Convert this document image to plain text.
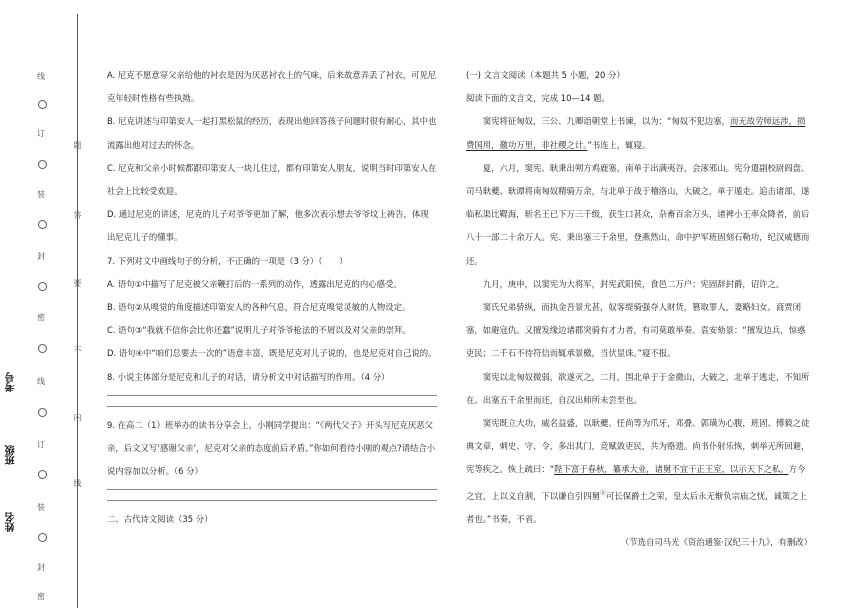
线
订
装
封
密
线
订
装
封
密
题
答
要
不
内
线
考号
班级
姓名

A. 尼克不愿意穿父亲给他的衬衣是因为厌恶衬衣上的气味，后来故意弄丢了衬衣，可见尼克年轻时性格有些执拗。

B. 尼克讲述与印第安人一起打黑松鼠的经历，表现出他回答孩子问题时很有耐心，其中也流露出他对过去的怀念。

C. 尼克和父亲小时候都跟印第安人一块儿住过，都有印第安人朋友，说明当时印第安人在社会上比较受欢迎。

D. 通过尼克的讲述，尼克的儿子对爷爷更加了解，他多次表示想去爷爷坟上祷告，体现出尼克儿子的懂事。

7. 下列对文中画线句子的分析，不正确的一项是（3 分）（　　）

A. 语句①中描写了尼克被父亲鞭打后的一系列的动作，透露出尼克的内心感受。

B. 语句②从嗅觉的角度描述印第安人的各种气息，符合尼克嗅觉灵敏的人物设定。

C. 语句③“我就不信你会比你还蠢”说明儿子对爷爷枪法的不屑以及对父亲的崇拜。

D. 语句④中“咱们总要去一次的”语意丰富，既是尼克对儿子说的，也是尼克对自己说的。

8. 小说主体部分是尼克和儿子的对话，请分析文中对话描写的作用。（4 分）

9. 在高二（1）班举办的读书分享会上，小刚同学提出：“《两代父子》开头写尼克厌恶父亲，后文又写‘感谢父亲’，尼克对父亲的态度前后矛盾。”你如何看待小刚的观点?请结合小说内容加以分析。（6 分）

二、古代诗文阅读（35 分）

(一) 文言文阅读（本题共 5 小题，20 分）

阅读下面的文言文，完成 10—14 题。

窦宪将征匈奴，三公、九卿诣朝堂上书谏，以为：“匈奴不犯边塞，而无故劳师远涉，损费国用，徼功万里，非社稷之计。”书连上，辄寝。

夏，六月，窦宪、耿秉出朔方鸡鹿塞，南单于出满夷谷，会涿邪山。宪分遣副校尉阎盘、司马耿夔、耿谭将南匈奴精骑万余，与北单于战于稽洛山，大破之，单于遁走。追击诸部，遂临私渠比鞮海，斩名王已下万三千级，获生口甚众，杂畜百余万头，诸裨小王率众降者，前后八十一部二十余万人。宪、秉出塞三千余里，登燕然山，命中护军班固刻石勒功，纪汉威德而还。

九月，庚申，以窦宪为大将军，封宪武阳侯，食邑二万户；宪固辞封爵，诏许之。

窦氏兄弟骄纵，而执金吾景尤甚，奴客缇骑强夺人财货，篡取罪人，妻略妇女。商贾闭塞，如避寇仇。又擅发缘边诸郡突骑有才力者，有司莫敢举奏。袁安劾景：“擅发边兵，惊惑吏民；二千石不待符信而辄承景檄，当伏显诛。”寝不报。

窦宪以北匈奴微弱，欲遂灭之，二月，围北单于于金微山，大破之，北单于逃走，不知所在。出塞五千余里而还，自汉出师所未尝至也。

窦宪既立大功，威名益盛，以耿夔、任尚等为爪牙，邓叠、郭璜为心腹，班固、傅毅之徒典文章，刺史、守、令，多出其门，竞赋敛吏民，共为赂遗。尚书仆射乐恢，刺举无所回避，宪等疾之。恢上疏曰：“陛下富于春秋，纂承大业，诸舅不宜干正王室，以示天下之私。方今之宜，上以义自割，下以谦自引四舅⑪可长保爵土之荣，皇太后永无惭负宗庙之忧，诚策之上者也。”书奏，不省。

（节选自司马光《资治通鉴·汉纪三十九》，有删改）
